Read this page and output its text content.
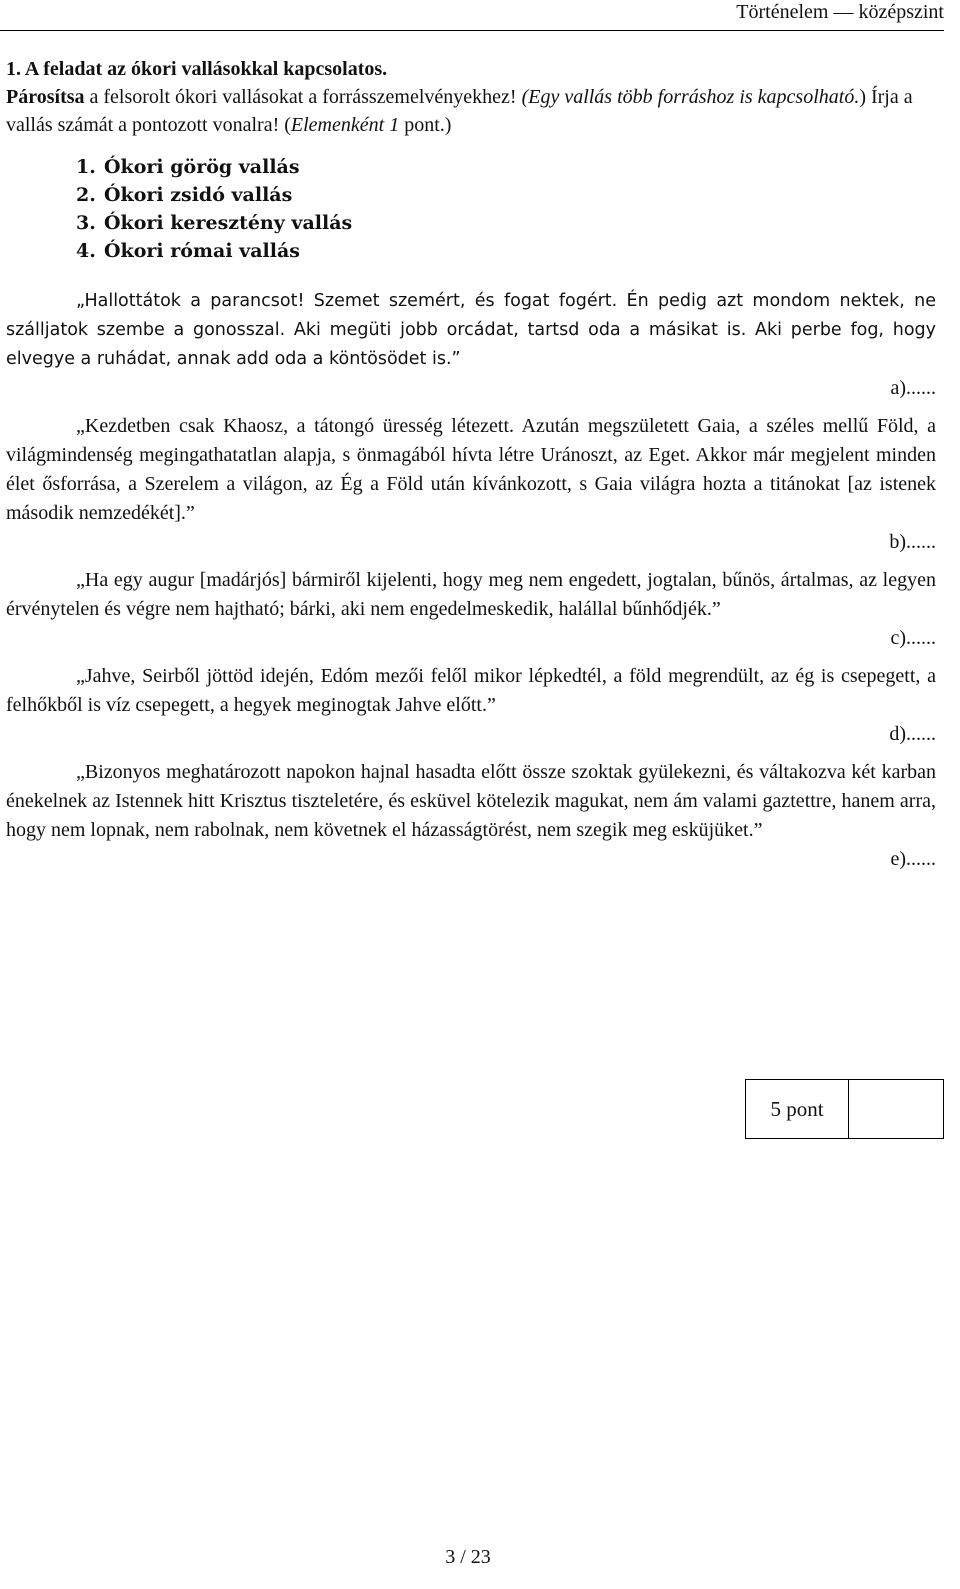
Történelem — középszint

1. A feladat az ókori vallásokkal kapcsolatos.

Párosítsa a felsorolt ókori vallásokat a forrásszemelvényekhez! (Egy vallás több forráshoz is kapcsolható.) Írja a vallás számát a pontozott vonalra! (Elemenként 1 pont.)

1. Ókori görög vallás
2. Ókori zsidó vallás
3. Ókori keresztény vallás
4. Ókori római vallás

„Hallottátok a parancsot! Szemet szemért, és fogat fogért. Én pedig azt mondom nektek, ne szálljatok szembe a gonosszal. Aki megüti jobb orcádat, tartsd oda a másikat is. Aki perbe fog, hogy elvegye a ruhádat, annak add oda a köntösödet is.”

a)......

„Kezdetben csak Khaosz, a tátongó üresség létezett. Azután megszületett Gaia, a széles mellű Föld, a világmindenség megingathatatlan alapja, s önmagából hívta létre Uránoszt, az Eget. Akkor már megjelent minden élet ősforrása, a Szerelem a világon, az Ég a Föld után kívánkozott, s Gaia világra hozta a titánokat [az istenek második nemzedékét].”

b)......

„Ha egy augur [madárjós] bármiről kijelenti, hogy meg nem engedett, jogtalan, bűnös, ártalmas, az legyen érvénytelen és végre nem hajtható; bárki, aki nem engedelmeskedik, halállal bűnhődjék.”

c)......

„Jahve, Seirből jöttöd idején, Edóm mezői felől mikor lépkedtél, a föld megrendült, az ég is csepegett, a felhőkből is víz csepegett, a hegyek meginogtak Jahve előtt.”

d)......

„Bizonyos meghatározott napokon hajnal hasadta előtt össze szoktak gyülekezni, és váltakozva két karban énekelnek az Istennek hitt Krisztus tiszteletére, és esküvel kötelezik magukat, nem ám valami gaztettre, hanem arra, hogy nem lopnak, nem rabolnak, nem követnek el házasságtörést, nem szegik meg esküjüket.”

e)......

5 pont
3 / 23
